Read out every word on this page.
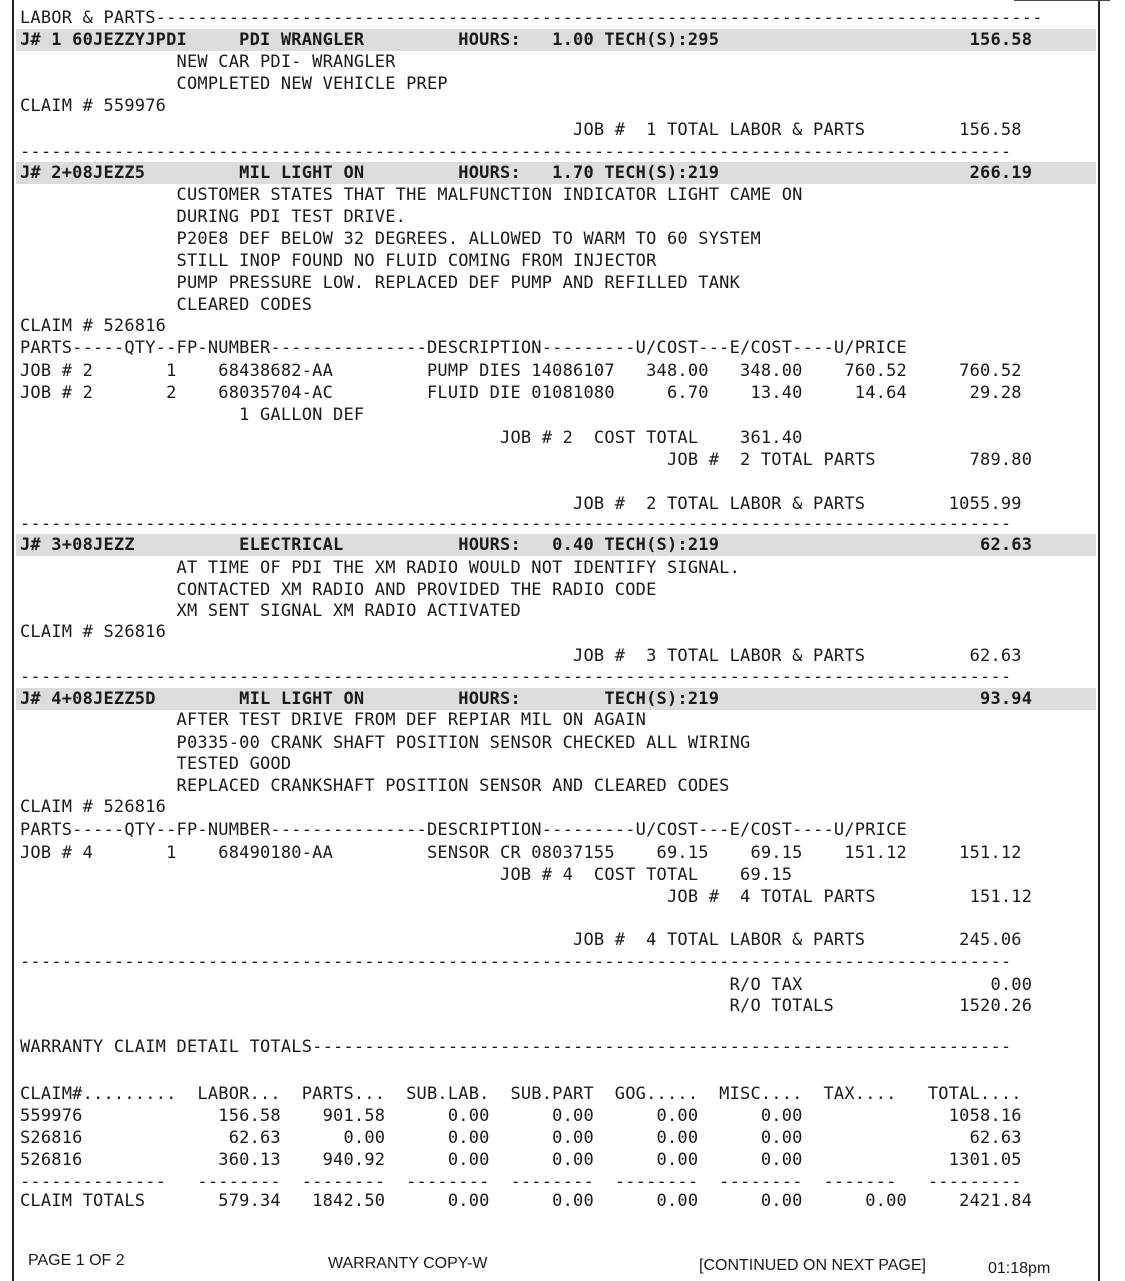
LABOR & PARTS-------------------------------------------------------------------------------------
J# 1 60JEZZYJPDI     PDI WRANGLER         HOURS:   1.00 TECH(S):295                        156.58
NEW CAR PDI- WRANGLER
COMPLETED NEW VEHICLE PREP
CLAIM # 559976
JOB #  1 TOTAL LABOR & PARTS         156.58
-----------------------------------------------------------------------------------------------
J# 2+08JEZZ5         MIL LIGHT ON         HOURS:   1.70 TECH(S):219                        266.19
CUSTOMER STATES THAT THE MALFUNCTION INDICATOR LIGHT CAME ON
DURING PDI TEST DRIVE.
P20E8 DEF BELOW 32 DEGREES. ALLOWED TO WARM TO 60 SYSTEM
STILL INOP FOUND NO FLUID COMING FROM INJECTOR
PUMP PRESSURE LOW. REPLACED DEF PUMP AND REFILLED TANK
CLEARED CODES
CLAIM # 526816
PARTS-----QTY--FP-NUMBER---------------DESCRIPTION---------U/COST---E/COST----U/PRICE
JOB # 2       1    68438682-AA         PUMP DIES 14086107   348.00   348.00    760.52     760.52
JOB # 2       2    68035704-AC         FLUID DIE 01081080     6.70    13.40     14.64      29.28
1 GALLON DEF
JOB # 2  COST TOTAL    361.40
JOB #  2 TOTAL PARTS         789.80
JOB #  2 TOTAL LABOR & PARTS        1055.99
-----------------------------------------------------------------------------------------------
J# 3+08JEZZ          ELECTRICAL           HOURS:   0.40 TECH(S):219                         62.63
AT TIME OF PDI THE XM RADIO WOULD NOT IDENTIFY SIGNAL.
CONTACTED XM RADIO AND PROVIDED THE RADIO CODE
XM SENT SIGNAL XM RADIO ACTIVATED
CLAIM # S26816
JOB #  3 TOTAL LABOR & PARTS          62.63
-----------------------------------------------------------------------------------------------
J# 4+08JEZZ5D        MIL LIGHT ON         HOURS:        TECH(S):219                         93.94
AFTER TEST DRIVE FROM DEF REPIAR MIL ON AGAIN
P0335-00 CRANK SHAFT POSITION SENSOR CHECKED ALL WIRING
TESTED GOOD
REPLACED CRANKSHAFT POSITION SENSOR AND CLEARED CODES
CLAIM # 526816
PARTS-----QTY--FP-NUMBER---------------DESCRIPTION---------U/COST---E/COST----U/PRICE
JOB # 4       1    68490180-AA         SENSOR CR 08037155    69.15    69.15    151.12     151.12
JOB # 4  COST TOTAL    69.15
JOB #  4 TOTAL PARTS         151.12
JOB #  4 TOTAL LABOR & PARTS         245.06
-----------------------------------------------------------------------------------------------
R/O TAX                  0.00
R/O TOTALS            1520.26
WARRANTY CLAIM DETAIL TOTALS-------------------------------------------------------------------
CLAIM#.........  LABOR...  PARTS...  SUB.LAB.  SUB.PART  GOG.....  MISC....  TAX....   TOTAL....
559976             156.58    901.58      0.00      0.00      0.00      0.00              1058.16
S26816              62.63      0.00      0.00      0.00      0.00      0.00                62.63
526816             360.13    940.92      0.00      0.00      0.00      0.00              1301.05
--------------   --------  --------  --------  --------  --------  --------  -------   ---------
CLAIM TOTALS       579.34   1842.50      0.00      0.00      0.00      0.00      0.00     2421.84
PAGE 1 OF 2	WARRANTY COPY-W	[CONTINUED ON NEXT PAGE]	01:18pm
